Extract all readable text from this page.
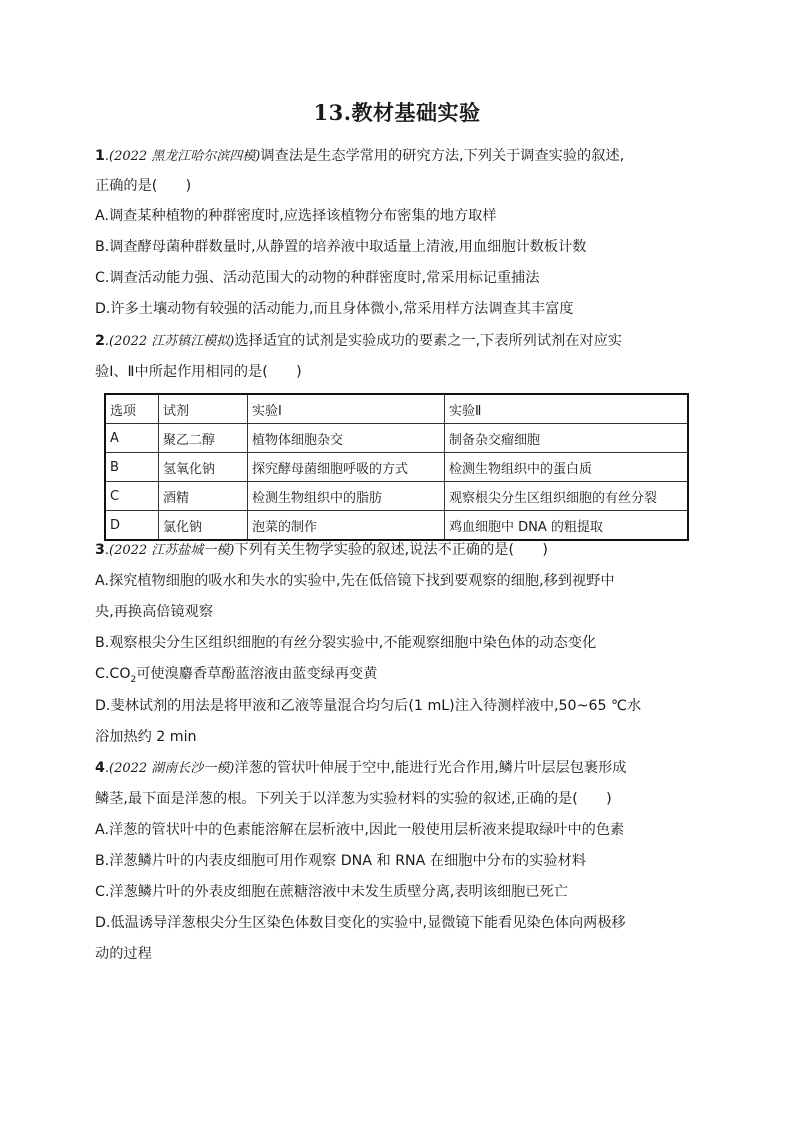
13.教材基础实验
1.(2022 黑龙江哈尔滨四模)调查法是生态学常用的研究方法,下列关于调查实验的叙述,
正确的是(　　)
A.调查某种植物的种群密度时,应选择该植物分布密集的地方取样
B.调查酵母菌种群数量时,从静置的培养液中取适量上清液,用血细胞计数板计数
C.调查活动能力强、活动范围大的动物的种群密度时,常采用标记重捕法
D.许多土壤动物有较强的活动能力,而且身体微小,常采用样方法调查其丰富度
2.(2022 江苏镇江模拟)选择适宜的试剂是实验成功的要素之一,下表所列试剂在对应实
验Ⅰ、Ⅱ中所起作用相同的是(　　)
选项	试剂	实验Ⅰ	实验Ⅱ
A	聚乙二醇	植物体细胞杂交	制备杂交瘤细胞
B	氢氧化钠	探究酵母菌细胞呼吸的方式	检测生物组织中的蛋白质
C	酒精	检测生物组织中的脂肪	观察根尖分生区组织细胞的有丝分裂
D	氯化钠	泡菜的制作	鸡血细胞中 DNA 的粗提取
3.(2022 江苏盐城一模)下列有关生物学实验的叙述,说法不正确的是(　　)
A.探究植物细胞的吸水和失水的实验中,先在低倍镜下找到要观察的细胞,移到视野中
央,再换高倍镜观察
B.观察根尖分生区组织细胞的有丝分裂实验中,不能观察细胞中染色体的动态变化
$C.CO_2$可使溴麝香草酚蓝溶液由蓝变绿再变黄
D.斐林试剂的用法是将甲液和乙液等量混合均匀后(1 mL)注入待测样液中,50~65 ℃水
浴加热约 2 min
4.(2022 湖南长沙一模)洋葱的管状叶伸展于空中,能进行光合作用,鳞片叶层层包裹形成
鳞茎,最下面是洋葱的根。下列关于以洋葱为实验材料的实验的叙述,正确的是(　　)
A.洋葱的管状叶中的色素能溶解在层析液中,因此一般使用层析液来提取绿叶中的色素
B.洋葱鳞片叶的内表皮细胞可用作观察 DNA 和 RNA 在细胞中分布的实验材料
C.洋葱鳞片叶的外表皮细胞在蔗糖溶液中未发生质壁分离,表明该细胞已死亡
D.低温诱导洋葱根尖分生区染色体数目变化的实验中,显微镜下能看见染色体向两极移
动的过程
